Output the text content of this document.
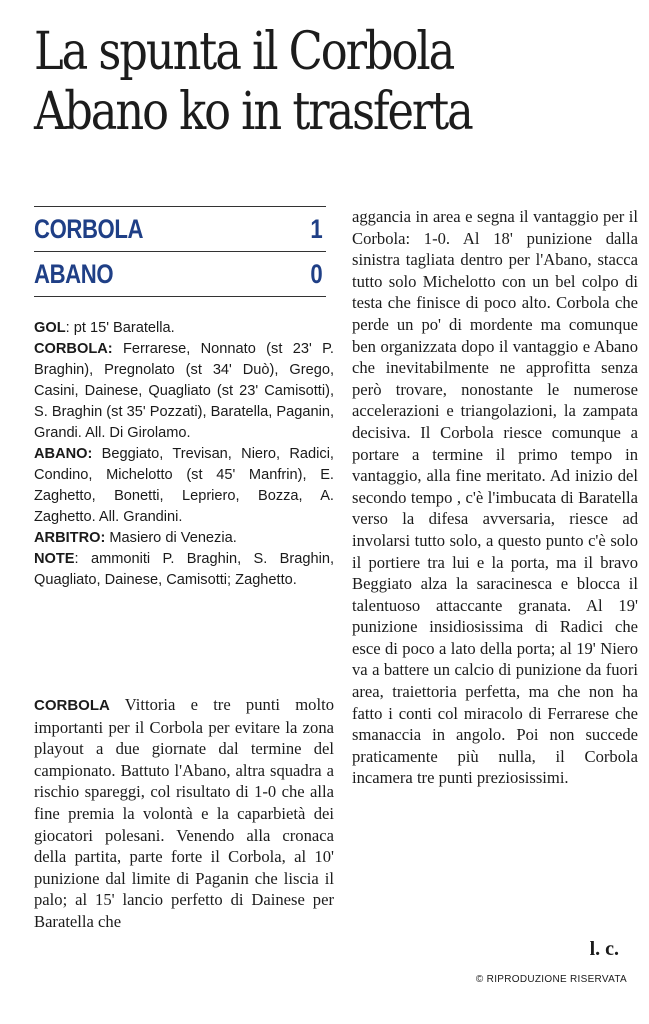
La spunta il Corbola
Abano ko in trasferta
CORBOLA	1
ABANO	0

GOL: pt 15' Baratella.

CORBOLA: Ferrarese, Nonnato (st 23' P. Braghin), Pregnolato (st 34' Duò), Grego, Casini, Dainese, Quagliato (st 23' Camisotti), S. Braghin (st 35' Pozzati), Baratella, Paganin, Grandi. All. Di Girolamo.

ABANO: Beggiato, Trevisan, Niero, Radici, Condino, Michelotto (st 45' Manfrin), E. Zaghetto, Bonetti, Lepriero, Bozza, A. Zaghetto. All. Grandini.

ARBITRO: Masiero di Venezia.

NOTE: ammoniti P. Braghin, S. Braghin, Quagliato, Dainese, Camisotti; Zaghetto.

CORBOLA Vittoria e tre punti molto importanti per il Corbola per evitare la zona playout a due giornate dal termine del campionato. Battuto l'Abano, altra squadra a rischio spareggi, col risultato di 1-0 che alla fine premia la volontà e la caparbietà dei giocatori polesani. Venendo alla cronaca della partita, parte forte il Corbola, al 10' punizione dal limite di Paganin che liscia il palo; al 15' lancio perfetto di Dainese per Baratella che
aggancia in area e segna il vantaggio per il Corbola: 1-0. Al 18' punizione dalla sinistra tagliata dentro per l'Abano, stacca tutto solo Michelotto con un bel colpo di testa che finisce di poco alto. Corbola che perde un po' di mordente ma comunque ben organizzata dopo il vantaggio e Abano che inevitabilmente ne approfitta senza però trovare, nonostante le numerose accelerazioni e triangolazioni, la zampata decisiva. Il Corbola riesce comunque a portare a termine il primo tempo in vantaggio, alla fine meritato. Ad inizio del secondo tempo , c'è l'imbucata di Baratella verso la difesa avversaria, riesce ad involarsi tutto solo, a questo punto c'è solo il portiere tra lui e la porta, ma il bravo Beggiato alza la saracinesca e blocca il talentuoso attaccante granata. Al 19' punizione insidiosissima di Radici che esce di poco a lato della porta; al 19' Niero va a battere un calcio di punizione da fuori area, traiettoria perfetta, ma che non ha fatto i conti col miracolo di Ferrarese che smanaccia in angolo. Poi non succede praticamente più nulla, il Corbola incamera tre punti preziosissimi.
l. c.
© RIPRODUZIONE RISERVATA
